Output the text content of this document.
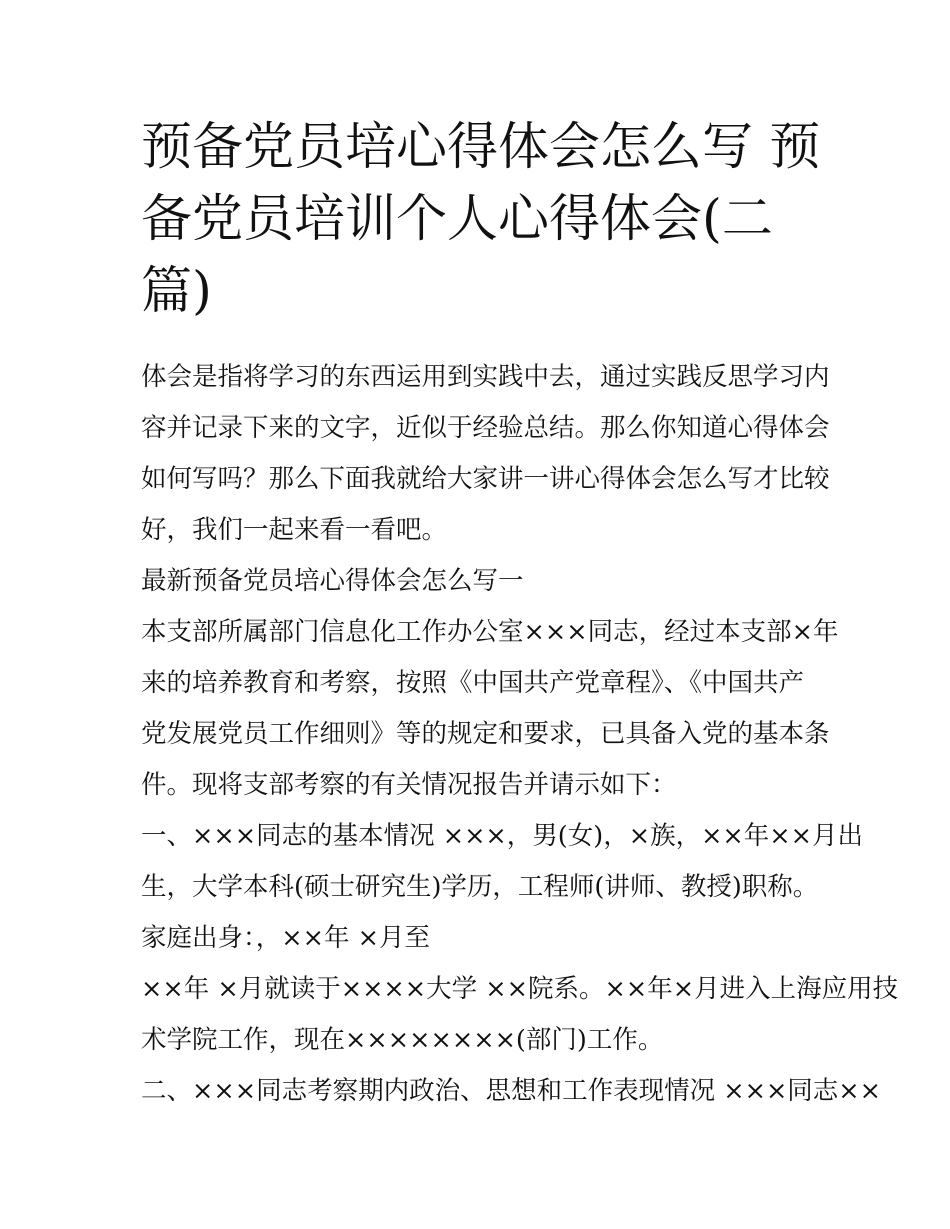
预备党员培心得体会怎么写 预
备党员培训个人心得体会(二
篇)
体会是指将学习的东西运用到实践中去，通过实践反思学习内
容并记录下来的文字，近似于经验总结。那么你知道心得体会
如何写吗？那么下面我就给大家讲一讲心得体会怎么写才比较
好，我们一起来看一看吧。
最新预备党员培心得体会怎么写一
本支部所属部门信息化工作办公室×××同志，经过本支部×年
来的培养教育和考察，按照《中国共产党章程》、《中国共产
党发展党员工作细则》等的规定和要求，已具备入党的基本条
件。现将支部考察的有关情况报告并请示如下：
一、×××同志的基本情况 ×××，男(女)，×族，××年××月出
生，大学本科(硕士研究生)学历，工程师(讲师、教授)职称。
家庭出身：，××年 ×月至
××年 ×月就读于××××大学 ××院系。××年×月进入上海应用技
术学院工作，现在××××××××(部门)工作。
二、×××同志考察期内政治、思想和工作表现情况 ×××同志××
